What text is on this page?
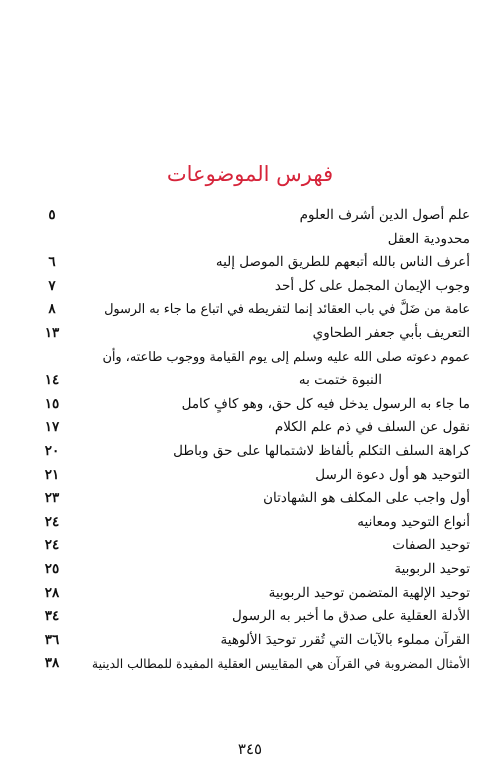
فهرس الموضوعات
علم أصول الدين أشرف العلوم
٥
محدودية العقل
أعرف الناس بالله أتبعهم للطريق الموصل إليه
٦
وجوب الإيمان المجمل على كل أحد
٧
عامة من ضَلَّ في باب العقائد إنما لتفريطه في اتباع ما جاء به الرسول
٨
التعريف بأبي جعفر الطحاوي
١٣
عموم دعوته صلى الله عليه وسلم إلى يوم القيامة ووجوب طاعته، وأن
النبوة ختمت به
١٤
ما جاء به الرسول يدخل فيه كل حق، وهو كافٍ كامل
١٥
نقول عن السلف في ذم علم الكلام
١٧
كراهة السلف التكلم بألفاظ لاشتمالها على حق وباطل
٢٠
التوحيد هو أول دعوة الرسل
٢١
أول واجب على المكلف هو الشهادتان
٢٣
أنواع التوحيد ومعانيه
٢٤
توحيد الصفات
٢٤
توحيد الربوبية
٢٥
توحيد الإلهية المتضمن توحيد الربوبية
٢٨
الأدلة العقلية على صدق ما أخبر به الرسول
٣٤
القرآن مملوء بالآيات التي تُقرر توحيدَ الألوهية
٣٦
الأمثال المضروبة في القرآن هي المقاييس العقلية المفيدة للمطالب الدينية
٣٨
٣٤٥
